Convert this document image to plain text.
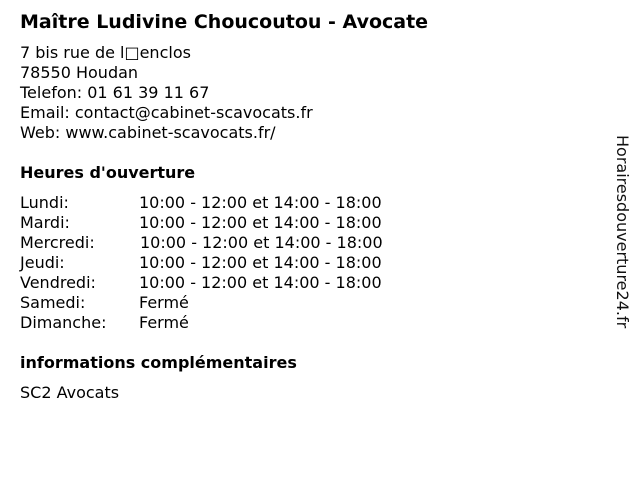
Maître Ludivine Choucoutou - Avocate
7 bis rue de l□enclos
78550 Houdan
Telefon: 01 61 39 11 67
Email: contact@cabinet-scavocats.fr
Web: www.cabinet-scavocats.fr/
Heures d'ouverture
Lundi:	10:00 - 12:00 et 14:00 - 18:00
Mardi:	10:00 - 12:00 et 14:00 - 18:00
Mercredi:	10:00 - 12:00 et 14:00 - 18:00
Jeudi:	10:00 - 12:00 et 14:00 - 18:00
Vendredi:	10:00 - 12:00 et 14:00 - 18:00
Samedi:	Fermé
Dimanche: Fermé
informations complémentaires
SC2 Avocats
Horairesdouverture24.fr
